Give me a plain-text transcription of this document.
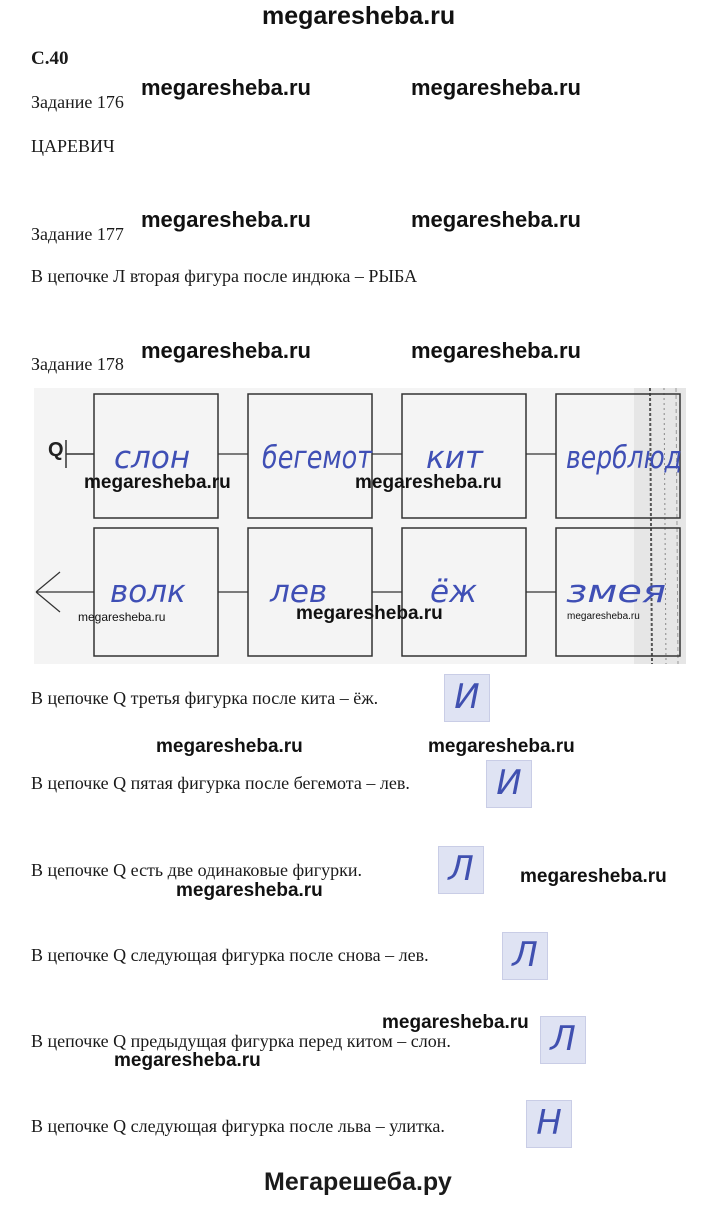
megaresheba.ru
С.40
Задание 176
megaresheba.ru	megaresheba.ru
ЦАРЕВИЧ
Задание 177
megaresheba.ru	megaresheba.ru
В цепочке Л вторая фигура после индюка – РЫБА
Задание 178
megaresheba.ru	megaresheba.ru
Q слон бегемот кит	верблюд
волк	лев	ёж	змея
megaresheba.ru	megaresheba.ru
megaresheba.ru	megaresheba.ru	megaresheba.ru
В цепочке Q третья фигурка после кита – ёж. И
megaresheba.ru	megaresheba.ru
В цепочке Q пятая фигурка после бегемота – лев.	И
В цепочке Q есть две одинаковые фигурки.	Л
megaresheba.ru
megaresheba.ru
В цепочке Q следующая фигурка после снова – лев. Л
megaresheba.ru
В цепочке Q предыдущая фигурка перед китом – слон.	Л
megaresheba.ru
В цепочке Q следующая фигурка после льва – улитка.	Н
Мегарешеба.ру
